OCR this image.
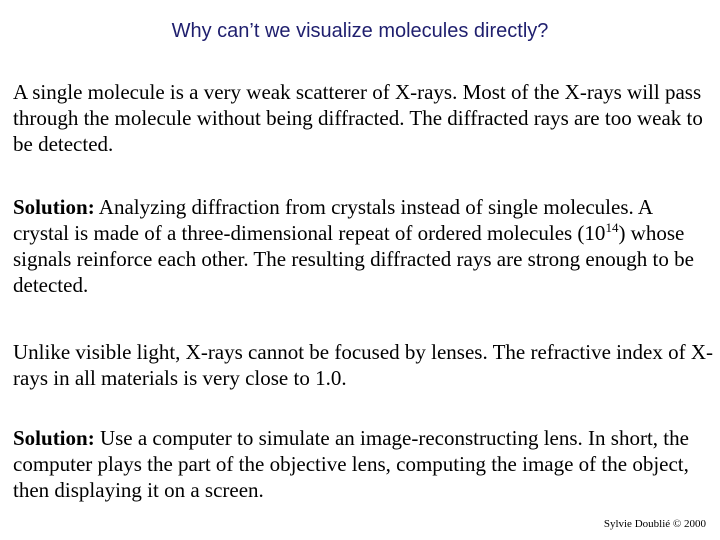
Why can’t we visualize molecules directly?

A single molecule is a very weak scatterer of X-rays. Most of the X-rays will pass through the molecule without being diffracted. The diffracted rays are too weak to be detected.

Solution: Analyzing diffraction from crystals instead of single molecules. A crystal is made of a three-dimensional repeat of ordered molecules $(10^{14})$ whose signals reinforce each other. The resulting diffracted rays are strong enough to be detected.

Unlike visible light, X-rays cannot be focused by lenses. The refractive index of X-rays in all materials is very close to 1.0.

Solution: Use a computer to simulate an image-reconstructing lens. In short, the computer plays the part of the objective lens, computing the image of the object, then displaying it on a screen.

Sylvie Doublié © 2000
